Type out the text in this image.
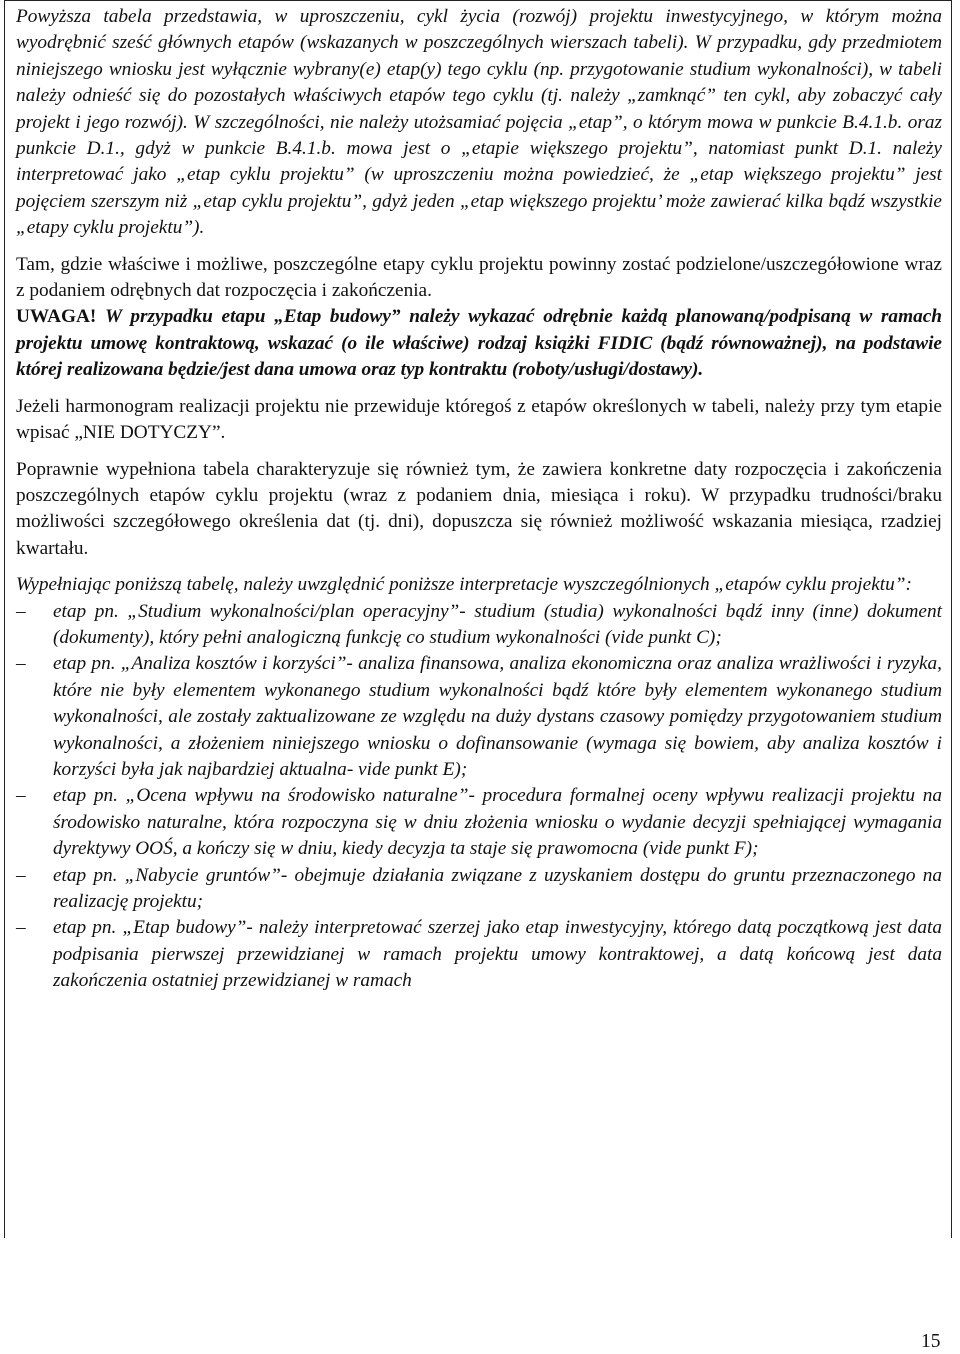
Powyższa tabela przedstawia, w uproszczeniu, cykl życia (rozwój) projektu inwestycyjnego, w którym można wyodrębnić sześć głównych etapów (wskazanych w poszczególnych wierszach tabeli). W przypadku, gdy przedmiotem niniejszego wniosku jest wyłącznie wybrany(e) etap(y) tego cyklu (np. przygotowanie studium wykonalności), w tabeli należy odnieść się do pozostałych właściwych etapów tego cyklu (tj. należy „zamknąć” ten cykl, aby zobaczyć cały projekt i jego rozwój). W szczególności, nie należy utożsamiać pojęcia „etap”, o którym mowa w punkcie B.4.1.b. oraz punkcie D.1., gdyż w punkcie B.4.1.b. mowa jest o „etapie większego projektu”, natomiast punkt D.1. należy interpretować jako „etap cyklu projektu” (w uproszczeniu można powiedzieć, że „etap większego projektu” jest pojęciem szerszym niż „etap cyklu projektu”, gdyż jeden „etap większego projektu’ może zawierać kilka bądź wszystkie „etapy cyklu projektu”).

Tam, gdzie właściwe i możliwe, poszczególne etapy cyklu projektu powinny zostać podzielone/uszczegółowione wraz z podaniem odrębnych dat rozpoczęcia i zakończenia.
UWAGA! W przypadku etapu „Etap budowy” należy wykazać odrębnie każdą planowaną/podpisaną w ramach projektu umowę kontraktową, wskazać (o ile właściwe) rodzaj książki FIDIC (bądź równoważnej), na podstawie której realizowana będzie/jest dana umowa oraz typ kontraktu (roboty/usługi/dostawy).

Jeżeli harmonogram realizacji projektu nie przewiduje któregoś z etapów określonych w tabeli, należy przy tym etapie wpisać „NIE DOTYCZY”.

Poprawnie wypełniona tabela charakteryzuje się również tym, że zawiera konkretne daty rozpoczęcia i zakończenia poszczególnych etapów cyklu projektu (wraz z podaniem dnia, miesiąca i roku). W przypadku trudności/braku możliwości szczegółowego określenia dat (tj. dni), dopuszcza się również możliwość wskazania miesiąca, rzadziej kwartału.

Wypełniając poniższą tabelę, należy uwzględnić poniższe interpretacje wyszczególnionych „etapów cyklu projektu”:

– etap pn. „Studium wykonalności/plan operacyjny”- studium (studia) wykonalności bądź inny (inne) dokument (dokumenty), który pełni analogiczną funkcję co studium wykonalności (vide punkt C);
– etap pn. „Analiza kosztów i korzyści”- analiza finansowa, analiza ekonomiczna oraz analiza wrażliwości i ryzyka, które nie były elementem wykonanego studium wykonalności bądź które były elementem wykonanego studium wykonalności, ale zostały zaktualizowane ze względu na duży dystans czasowy pomiędzy przygotowaniem studium wykonalności, a złożeniem niniejszego wniosku o dofinansowanie (wymaga się bowiem, aby analiza kosztów i korzyści była jak najbardziej aktualna- vide punkt E);
– etap pn. „Ocena wpływu na środowisko naturalne”- procedura formalnej oceny wpływu realizacji projektu na środowisko naturalne, która rozpoczyna się w dniu złożenia wniosku o wydanie decyzji spełniającej wymagania dyrektywy OOŚ, a kończy się w dniu, kiedy decyzja ta staje się prawomocna (vide punkt F);
– etap pn. „Nabycie gruntów”- obejmuje działania związane z uzyskaniem dostępu do gruntu przeznaczonego na realizację projektu;
– etap pn. „Etap budowy”- należy interpretować szerzej jako etap inwestycyjny, którego datą początkową jest data podpisania pierwszej przewidzianej w ramach projektu umowy kontraktowej, a datą końcową jest data zakończenia ostatniej przewidzianej w ramach
15
